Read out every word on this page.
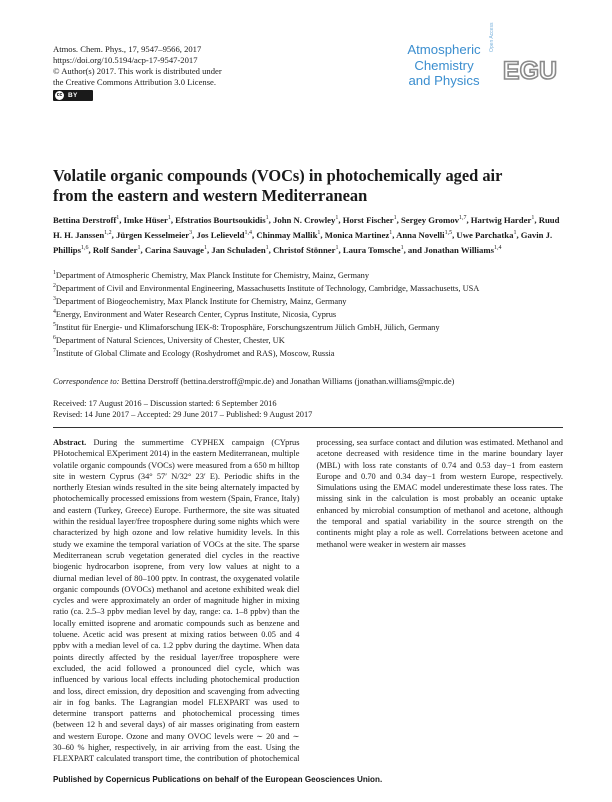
Atmos. Chem. Phys., 17, 9547–9566, 2017
https://doi.org/10.5194/acp-17-9547-2017
© Author(s) 2017. This work is distributed under
the Creative Commons Attribution 3.0 License.
cc BY
Atmospheric
Chemistry
and Physics
Open Access
EGU
Volatile organic compounds (VOCs) in photochemically aged air
from the eastern and western Mediterranean
Bettina Derstroff$^1$, Imke Hüser$^1$, Efstratios Bourtsoukidis$^1$, John N. Crowley$^1$, Horst Fischer$^1$, Sergey Gromov$^{1,7}$, Hartwig Harder$^1$, Ruud H. H. Janssen$^{1,2}$, Jürgen Kesselmeier$^3$, Jos Lelieveld$^{1,4}$, Chinmay Mallik$^1$, Monica Martinez$^1$, Anna Novelli$^{1,5}$, Uwe Parchatka$^1$, Gavin J. Phillips$^{1,6}$, Rolf Sander$^1$, Carina Sauvage$^1$, Jan Schuladen$^1$, Christof Stönner$^1$, Laura Tomsche$^1$, and Jonathan Williams$^{1,4}$
$^1$Department of Atmospheric Chemistry, Max Planck Institute for Chemistry, Mainz, Germany
$^2$Department of Civil and Environmental Engineering, Massachusetts Institute of Technology, Cambridge, Massachusetts, USA
$^3$Department of Biogeochemistry, Max Planck Institute for Chemistry, Mainz, Germany
$^4$Energy, Environment and Water Research Center, Cyprus Institute, Nicosia, Cyprus
$^5$Institut für Energie- und Klimaforschung IEK-8: Troposphäre, Forschungszentrum Jülich GmbH, Jülich, Germany
$^6$Department of Natural Sciences, University of Chester, Chester, UK
$^7$Institute of Global Climate and Ecology (Roshydromet and RAS), Moscow, Russia
Correspondence to: Bettina Derstroff (bettina.derstroff@mpic.de) and Jonathan Williams (jonathan.williams@mpic.de)
Received: 17 August 2016 – Discussion started: 6 September 2016
Revised: 14 June 2017 – Accepted: 29 June 2017 – Published: 9 August 2017
Abstract. During the summertime CYPHEX campaign (CYprus PHotochemical EXperiment 2014) in the eastern Mediterranean, multiple volatile organic compounds (VOCs) were measured from a 650 m hilltop site in western Cyprus (34° 57′ N/32° 23′ E). Periodic shifts in the northerly Etesian winds resulted in the site being alternately impacted by photochemically processed emissions from western (Spain, France, Italy) and eastern (Turkey, Greece) Europe. Furthermore, the site was situated within the residual layer/free troposphere during some nights which were characterized by high ozone and low relative humidity levels. In this study we examine the temporal variation of VOCs at the site. The sparse Mediterranean scrub vegetation generated diel cycles in the reactive biogenic hydrocarbon isoprene, from very low values at night to a diurnal median level of 80–100 pptv. In contrast, the oxygenated volatile organic compounds (OVOCs) methanol and acetone exhibited weak diel cycles and were approximately an order of magnitude higher in mixing ratio (ca. 2.5–3 ppbv median level by day, range: ca. 1–8 ppbv) than the locally emitted isoprene and aromatic compounds such as benzene and toluene. Acetic acid was present at mixing ratios between 0.05 and 4 ppbv with a median level of ca. 1.2 ppbv during the daytime. When data points directly affected by the residual layer/free troposphere were excluded, the acid followed a pronounced diel cycle, which was influenced by various local effects including photochemical production and loss, direct emission, dry deposition and scavenging from advecting air in fog banks. The Lagrangian model FLEXPART was used to determine transport patterns and photochemical processing times (between 12 h and several days) of air masses originating from eastern and western Europe. Ozone and many OVOC levels were ∼ 20 and ∼ 30–60 % higher, respectively, in air arriving from the east. Using the FLEXPART calculated transport time, the contribution of photochemical processing, sea surface contact and dilution was estimated. Methanol and acetone decreased with residence time in the marine boundary layer (MBL) with loss rate constants of 0.74 and 0.53 day−1 from eastern Europe and 0.70 and 0.34 day−1 from western Europe, respectively. Simulations using the EMAC model underestimate these loss rates. The missing sink in the calculation is most probably an oceanic uptake enhanced by microbial consumption of methanol and acetone, although the temporal and spatial variability in the source strength on the continents might play a role as well. Correlations between acetone and methanol were weaker in western air masses
Published by Copernicus Publications on behalf of the European Geosciences Union.
